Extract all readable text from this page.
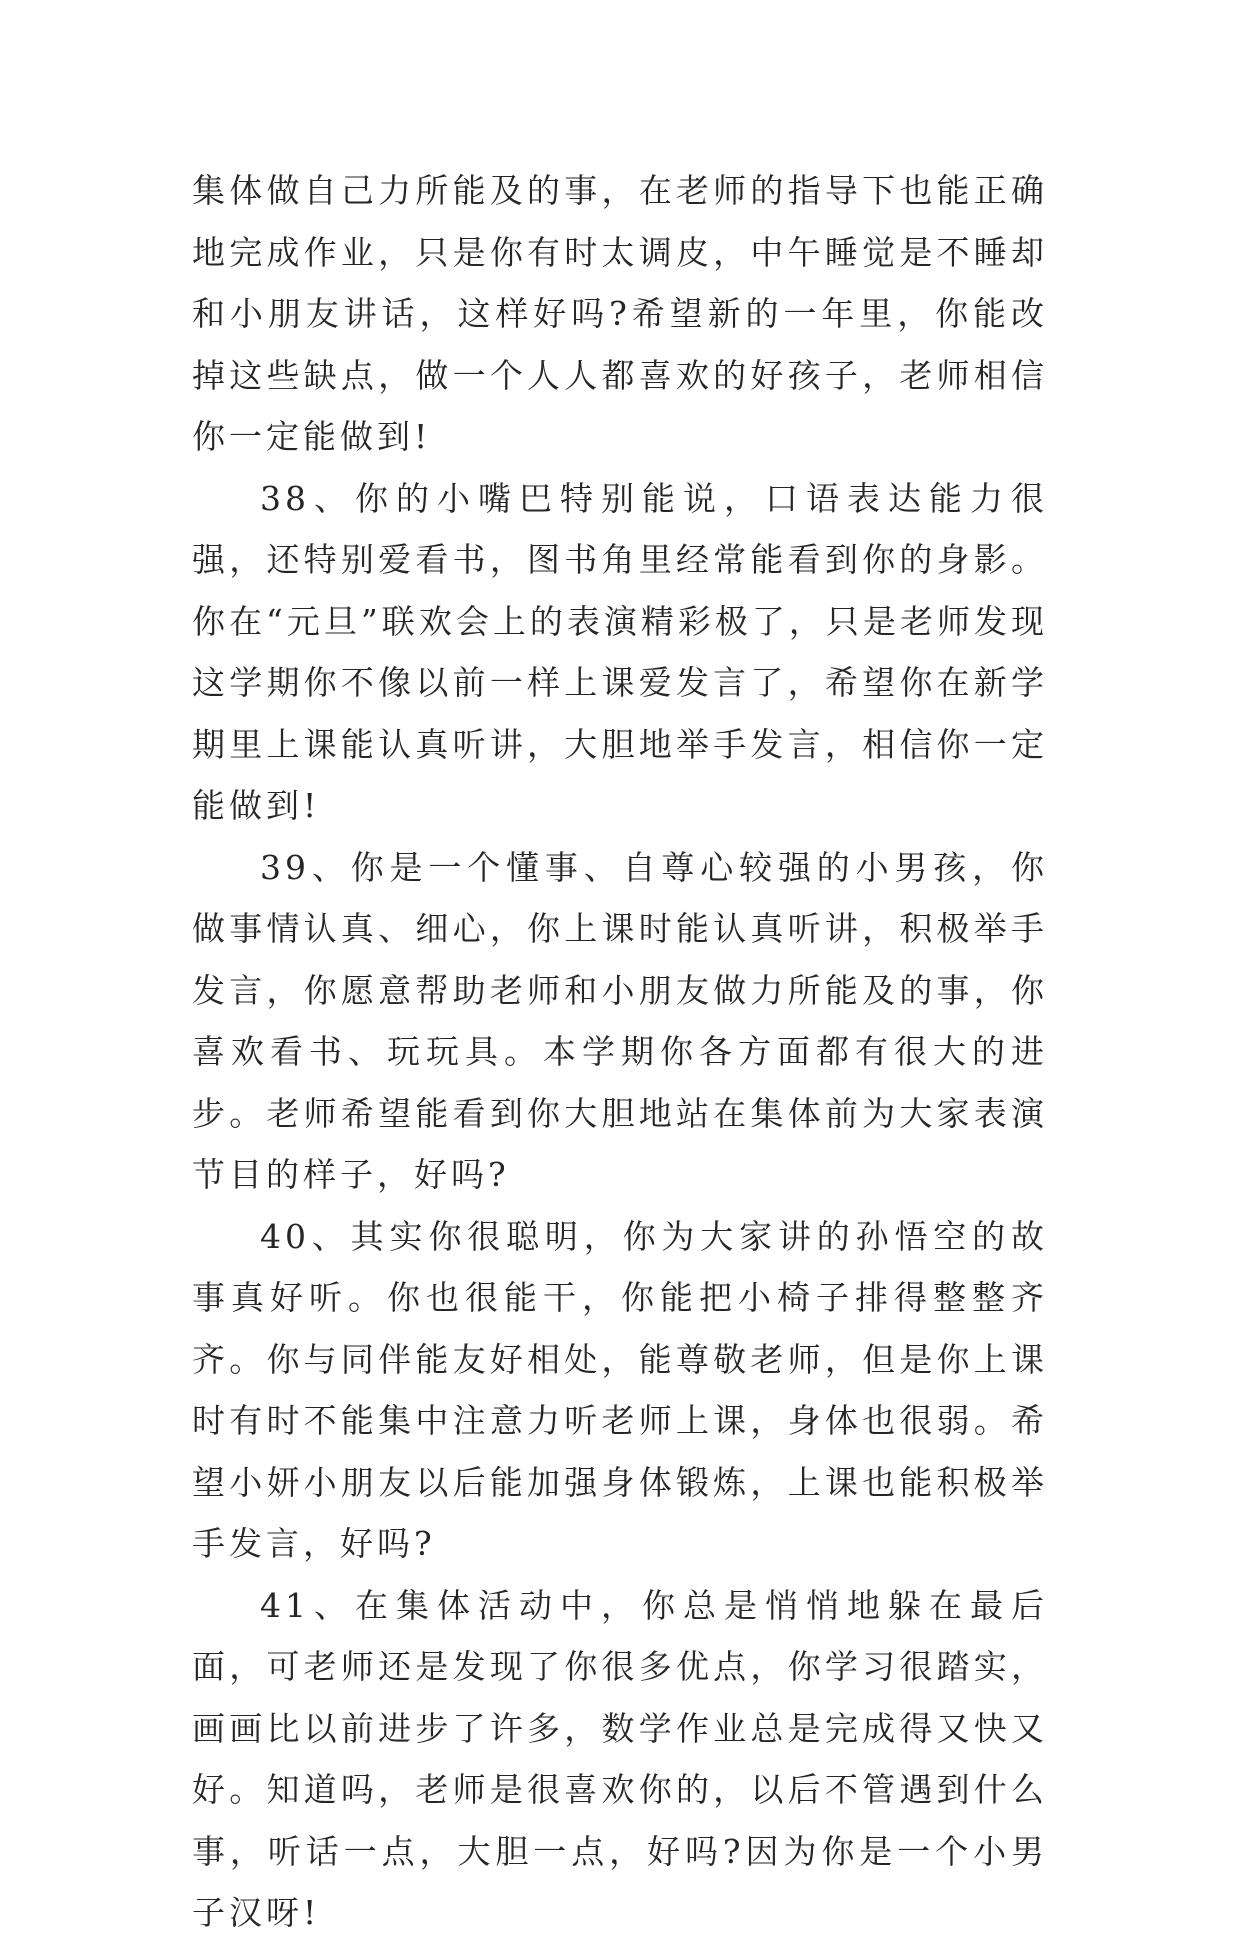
集体做自己力所能及的事，在老师的指导下也能正确地完成作业，只是你有时太调皮，中午睡觉是不睡却和小朋友讲话，这样好吗?希望新的一年里，你能改掉这些缺点，做一个人人都喜欢的好孩子，老师相信你一定能做到!

38、你的小嘴巴特别能说，口语表达能力很强，还特别爱看书，图书角里经常能看到你的身影。你在“元旦”联欢会上的表演精彩极了，只是老师发现这学期你不像以前一样上课爱发言了，希望你在新学期里上课能认真听讲，大胆地举手发言，相信你一定能做到!

39、你是一个懂事、自尊心较强的小男孩，你做事情认真、细心，你上课时能认真听讲，积极举手发言，你愿意帮助老师和小朋友做力所能及的事，你喜欢看书、玩玩具。本学期你各方面都有很大的进步。老师希望能看到你大胆地站在集体前为大家表演节目的样子，好吗?

40、其实你很聪明，你为大家讲的孙悟空的故事真好听。你也很能干，你能把小椅子排得整整齐齐。你与同伴能友好相处，能尊敬老师，但是你上课时有时不能集中注意力听老师上课，身体也很弱。希望小妍小朋友以后能加强身体锻炼，上课也能积极举手发言，好吗?

41、在集体活动中，你总是悄悄地躲在最后面，可老师还是发现了你很多优点，你学习很踏实，画画比以前进步了许多，数学作业总是完成得又快又好。知道吗，老师是很喜欢你的，以后不管遇到什么事，听话一点，大胆一点，好吗?因为你是一个小男子汉呀!
